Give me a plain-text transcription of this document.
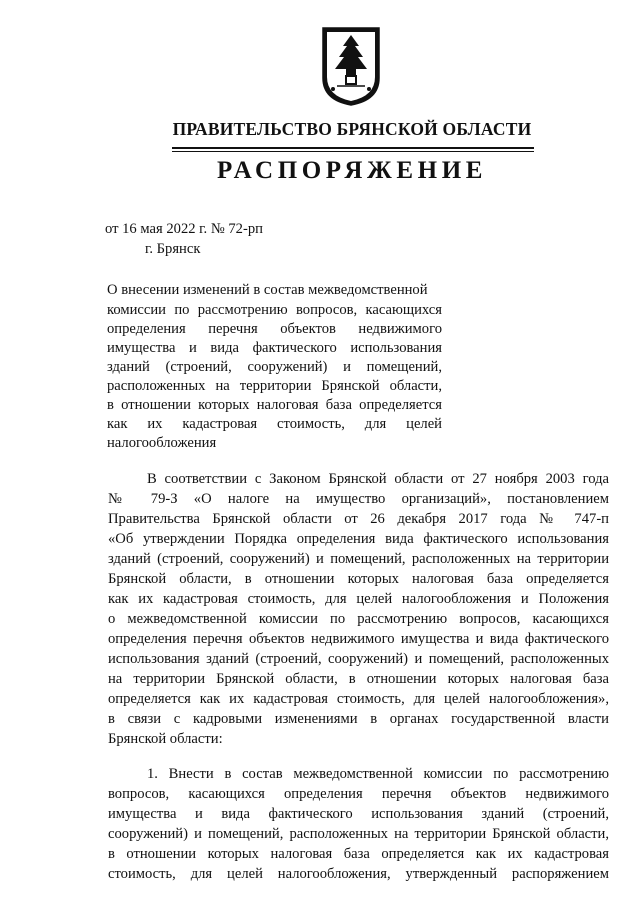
ПРАВИТЕЛЬСТВО БРЯНСКОЙ ОБЛАСТИ
РАСПОРЯЖЕНИЕ
от 16 мая 2022 г. № 72-рп
г. Брянск
О внесении изменений в состав межведомственной
комиссии по рассмотрению вопросов, касающихся
определения перечня объектов недвижимого
имущества и вида фактического использования
зданий (строений, сооружений) и помещений,
расположенных на территории Брянской области,
в отношении которых налоговая база определяется
как их кадастровая стоимость, для целей
налогообложения
В соответствии с Законом Брянской области от 27 ноября 2003 года
№ 79-З «О налоге на имущество организаций», постановлением
Правительства Брянской области от 26 декабря 2017 года № 747-п
«Об утверждении Порядка определения вида фактического использования
зданий (строений, сооружений) и помещений, расположенных на территории
Брянской области, в отношении которых налоговая база определяется
как их кадастровая стоимость, для целей налогообложения и Положения
о межведомственной комиссии по рассмотрению вопросов, касающихся
определения перечня объектов недвижимого имущества и вида фактического
использования зданий (строений, сооружений) и помещений, расположенных
на территории Брянской области, в отношении которых налоговая база
определяется как их кадастровая стоимость, для целей налогообложения»,
в связи с кадровыми изменениями в органах государственной власти
Брянской области:
1. Внести в состав межведомственной комиссии по рассмотрению
вопросов, касающихся определения перечня объектов недвижимого
имущества и вида фактического использования зданий (строений,
сооружений) и помещений, расположенных на территории Брянской области,
в отношении которых налоговая база определяется как их кадастровая
стоимость, для целей налогообложения, утвержденный распоряжением
